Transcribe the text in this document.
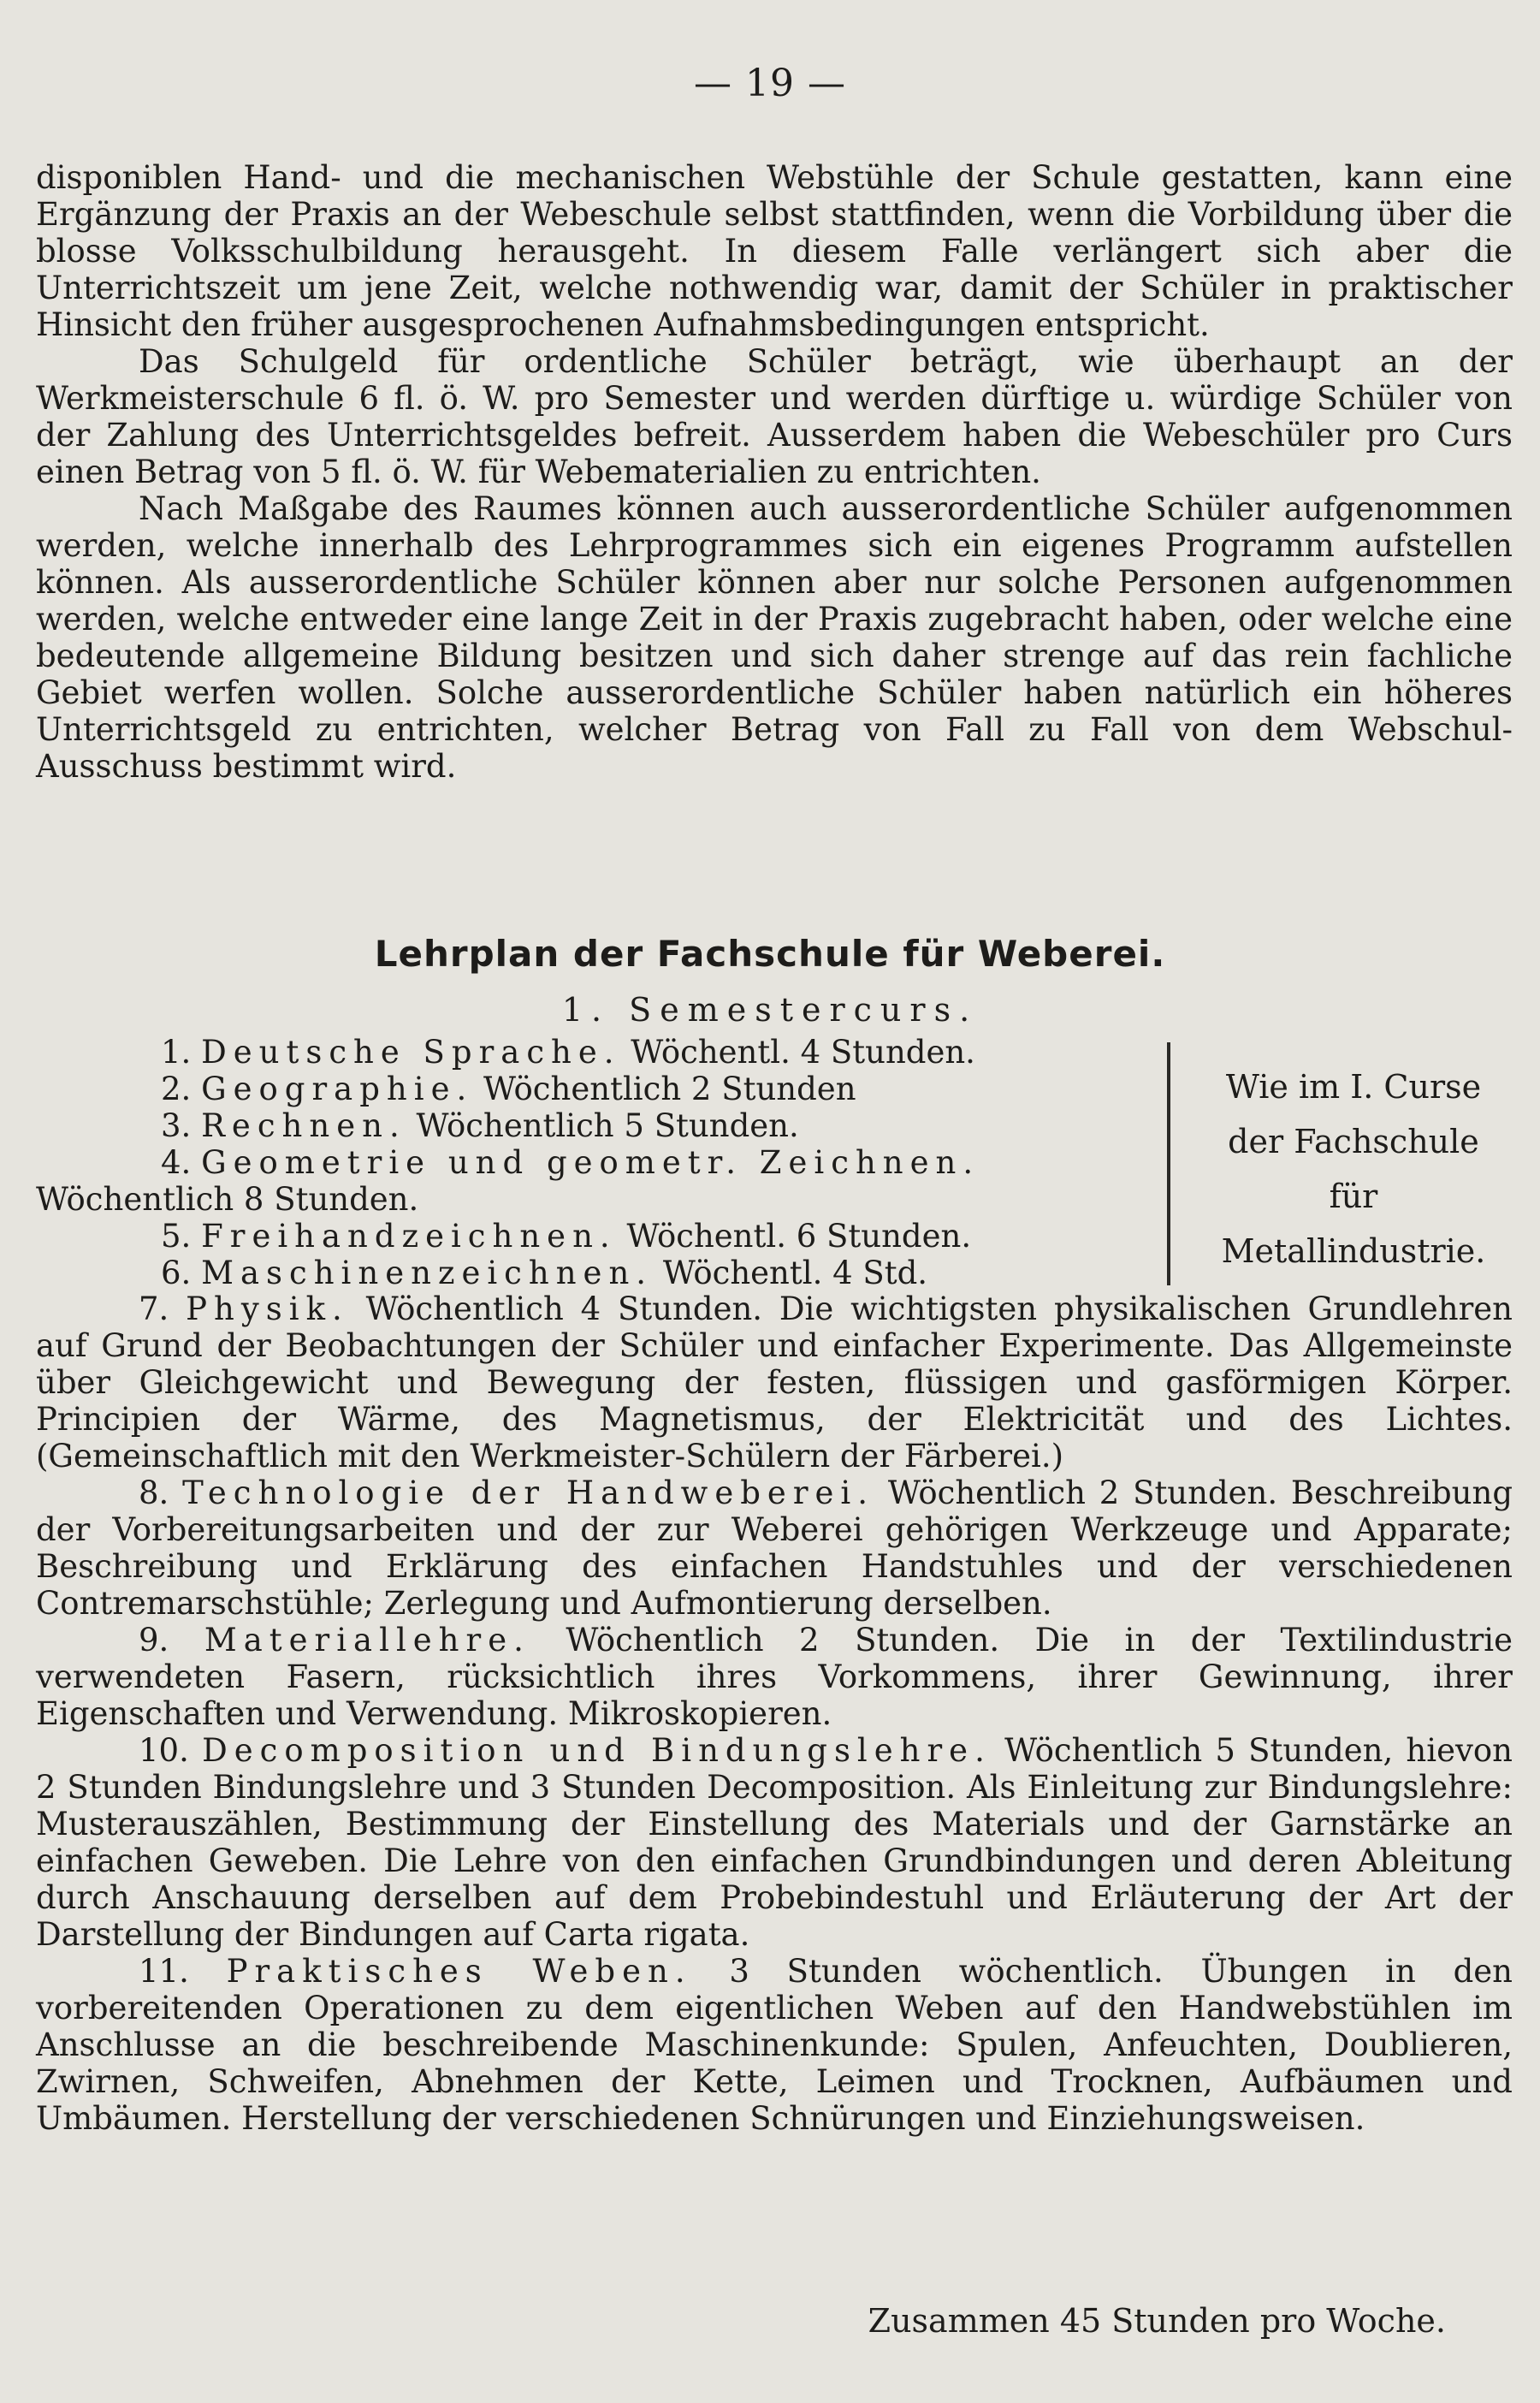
— 19 —

disponiblen Hand- und die mechanischen Webstühle der Schule gestatten, kann eine Ergänzung der Praxis an der Webeschule selbst stattfinden, wenn die Vorbildung über die blosse Volksschulbildung herausgeht. In diesem Falle verlängert sich aber die Unterrichtszeit um jene Zeit, welche nothwendig war, damit der Schüler in praktischer Hinsicht den früher ausgesprochenen Aufnahmsbedingungen entspricht.

Das Schulgeld für ordentliche Schüler beträgt, wie überhaupt an der Werkmeisterschule 6 fl. ö. W. pro Semester und werden dürftige u. würdige Schüler von der Zahlung des Unterrichtsgeldes befreit. Ausserdem haben die Webeschüler pro Curs einen Betrag von 5 fl. ö. W. für Webematerialien zu entrichten.

Nach Maßgabe des Raumes können auch ausserordentliche Schüler aufgenommen werden, welche innerhalb des Lehrprogrammes sich ein eigenes Programm aufstellen können. Als ausserordentliche Schüler können aber nur solche Personen aufgenommen werden, welche entweder eine lange Zeit in der Praxis zugebracht haben, oder welche eine bedeutende allgemeine Bildung besitzen und sich daher strenge auf das rein fachliche Gebiet werfen wollen. Solche ausserordentliche Schüler haben natürlich ein höheres Unterrichtsgeld zu entrichten, welcher Betrag von Fall zu Fall von dem Webschul-Ausschuss bestimmt wird.

Lehrplan der Fachschule für Weberei.
1. Semestercurs.

1. Deutsche Sprache. Wöchentl. 4 Stunden.

2. Geographie. Wöchentlich 2 Stunden

3. Rechnen. Wöchentlich 5 Stunden.

4. Geometrie und geometr. Zeichnen. Wöchentlich 8 Stunden.

5. Freihandzeichnen. Wöchentl. 6 Stunden.

6. Maschinenzeichnen. Wöchentl. 4 Std.

Wie im I. Curse
der Fachschule
für
Metallindustrie.

7. Physik. Wöchentlich 4 Stunden. Die wichtigsten physikalischen Grundlehren auf Grund der Beobachtungen der Schüler und einfacher Experimente. Das Allgemeinste über Gleichgewicht und Bewegung der festen, flüssigen und gasförmigen Körper. Principien der Wärme, des Magnetismus, der Elektricität und des Lichtes. (Gemeinschaftlich mit den Werkmeister-Schülern der Färberei.)

8. Technologie der Handweberei. Wöchentlich 2 Stunden. Beschreibung der Vorbereitungsarbeiten und der zur Weberei gehörigen Werkzeuge und Apparate; Beschreibung und Erklärung des einfachen Handstuhles und der verschiedenen Contremarschstühle; Zerlegung und Aufmontierung derselben.

9. Materiallehre. Wöchentlich 2 Stunden. Die in der Textilindustrie verwendeten Fasern, rücksichtlich ihres Vorkommens, ihrer Gewinnung, ihrer Eigenschaften und Verwendung. Mikroskopieren.

10. Decomposition und Bindungslehre. Wöchentlich 5 Stunden, hievon 2 Stunden Bindungslehre und 3 Stunden Decomposition. Als Einleitung zur Bindungslehre: Musterauszählen, Bestimmung der Einstellung des Materials und der Garnstärke an einfachen Geweben. Die Lehre von den einfachen Grundbindungen und deren Ableitung durch Anschauung derselben auf dem Probebindestuhl und Erläuterung der Art der Darstellung der Bindungen auf Carta rigata.

11. Praktisches Weben. 3 Stunden wöchentlich. Übungen in den vorbereitenden Operationen zu dem eigentlichen Weben auf den Handwebstühlen im Anschlusse an die beschreibende Maschinenkunde: Spulen, Anfeuchten, Doublieren, Zwirnen, Schweifen, Abnehmen der Kette, Leimen und Trocknen, Aufbäumen und Umbäumen. Herstellung der verschiedenen Schnürungen und Einziehungsweisen.

Zusammen 45 Stunden pro Woche.
